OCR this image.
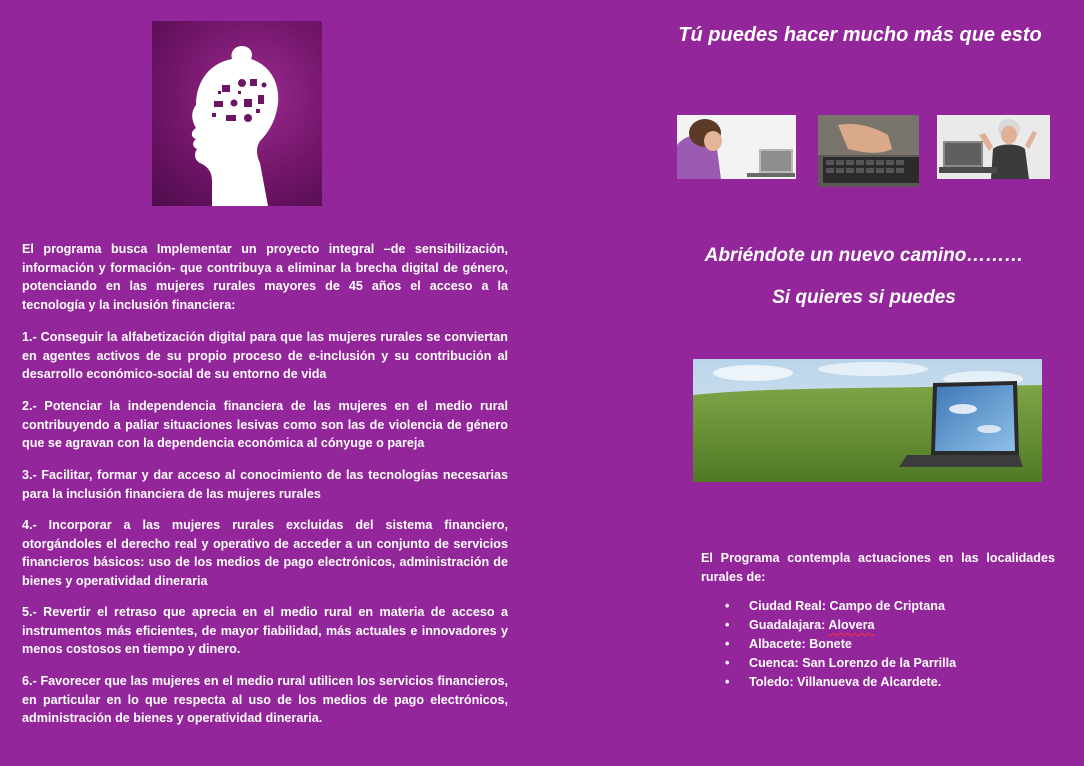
El programa busca Implementar un proyecto integral –de sensibilización, información y formación- que contribuya a eliminar la brecha digital de género, potenciando en las mujeres rurales mayores de 45 años el acceso a la tecnología y la inclusión financiera:
1.- Conseguir la alfabetización digital para que las mujeres rurales se conviertan en agentes activos de su propio proceso de e-inclusión y su contribución al desarrollo económico-social de su entorno de vida
2.- Potenciar la independencia financiera de las mujeres en el medio rural contribuyendo a paliar situaciones lesivas como son las de violencia de género que se agravan con la dependencia económica al cónyuge o pareja
3.- Facilitar, formar y dar acceso al conocimiento de las tecnologías necesarias para la inclusión financiera de las mujeres rurales
4.- Incorporar a las mujeres rurales excluidas del sistema financiero, otorgándoles el derecho real y operativo de acceder a un conjunto de servicios financieros básicos: uso de los medios de pago electrónicos, administración de bienes y operatividad dineraria
5.- Revertir el retraso que aprecia en el medio rural en materia de acceso a instrumentos más eficientes, de mayor fiabilidad, más actuales e innovadores y menos costosos en tiempo y dinero.
6.- Favorecer que las mujeres en el medio rural utilicen los servicios financieros, en particular en lo que respecta al uso de los medios de pago electrónicos, administración de bienes y operatividad dineraria.
Tú puedes hacer mucho más que esto
Abriéndote un nuevo camino………
Si quieres si puedes
El Programa contempla actuaciones en las localidades rurales de:
• Ciudad Real: Campo de Criptana
• Guadalajara: Alovera
• Albacete: Bonete
• Cuenca: San Lorenzo de la Parrilla
• Toledo: Villanueva de Alcardete.
